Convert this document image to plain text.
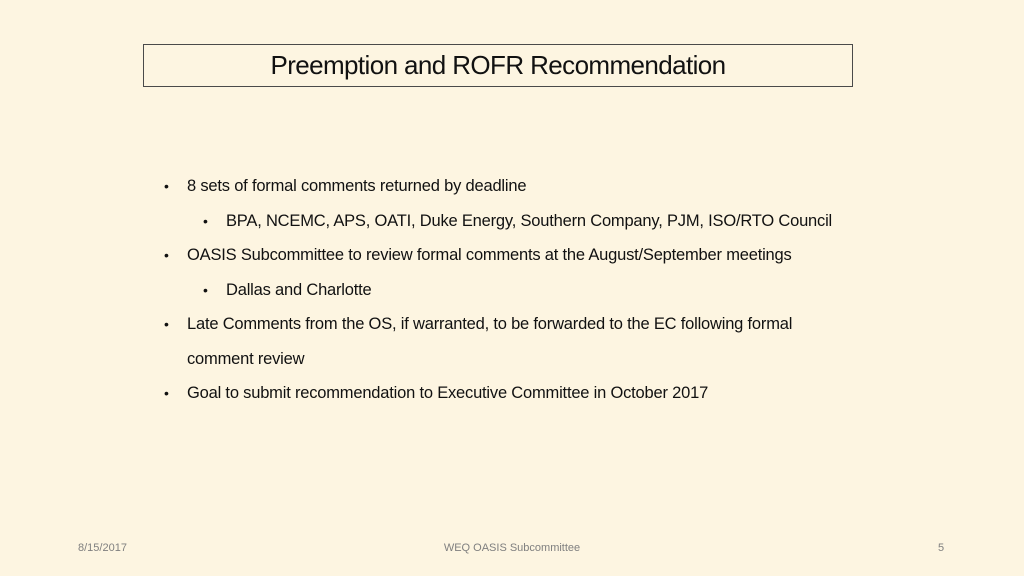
Preemption and ROFR Recommendation
• 8 sets of formal comments returned by deadline
• BPA, NCEMC, APS, OATI, Duke Energy, Southern Company, PJM, ISO/RTO Council
• OASIS Subcommittee to review formal comments at the August/September meetings
• Dallas and Charlotte
• Late Comments from the OS, if warranted, to be forwarded to the EC following formal
comment review
• Goal to submit recommendation to Executive Committee in October 2017
8/15/2017	WEQ OASIS Subcommittee	5
